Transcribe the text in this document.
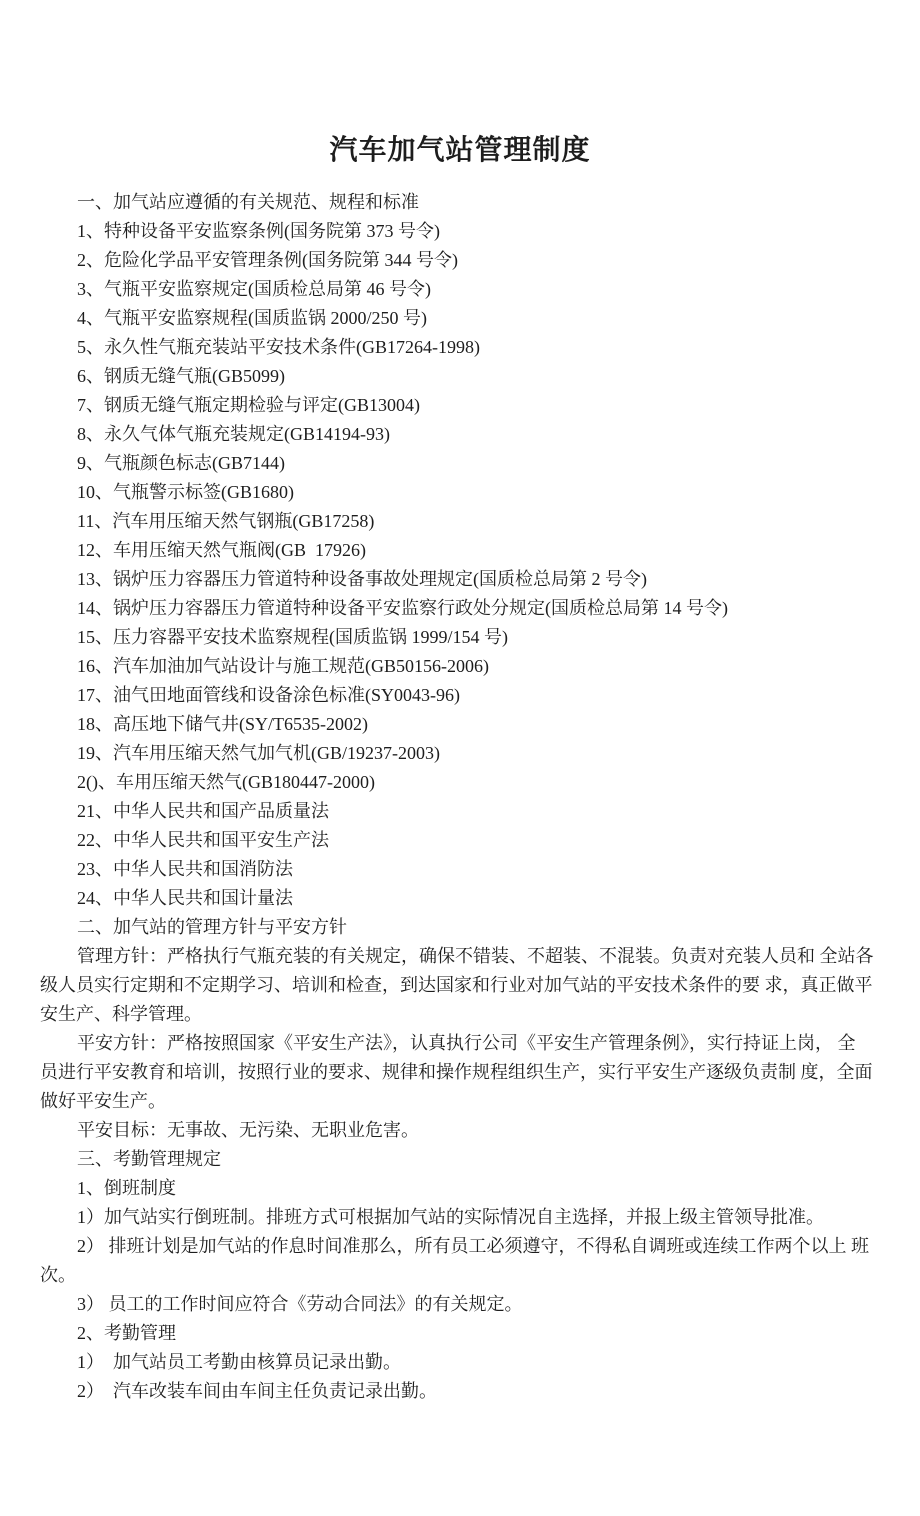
汽车加气站管理制度
一、加气站应遵循的有关规范、规程和标准
1、特种设备平安监察条例(国务院第 373 号令)
2、危险化学品平安管理条例(国务院第 344 号令)
3、气瓶平安监察规定(国质检总局第 46 号令)
4、气瓶平安监察规程(国质监锅 2000/250 号)
5、永久性气瓶充装站平安技术条件(GB17264-1998)
6、钢质无缝气瓶(GB5099)
7、钢质无缝气瓶定期检验与评定(GB13004)
8、永久气体气瓶充装规定(GB14194-93)
9、气瓶颜色标志(GB7144)
10、气瓶警示标签(GB1680)
11、汽车用压缩天然气钢瓶(GB17258)
12、车用压缩天然气瓶阀(GB  17926)
13、锅炉压力容器压力管道特种设备事故处理规定(国质检总局第 2 号令)
14、锅炉压力容器压力管道特种设备平安监察行政处分规定(国质检总局第 14 号令)
15、压力容器平安技术监察规程(国质监锅 1999/154 号)
16、汽车加油加气站设计与施工规范(GB50156-2006)
17、油气田地面管线和设备涂色标准(SY0043-96)
18、高压地下储气井(SY/T6535-2002)
19、汽车用压缩天然气加气机(GB/19237-2003)
2()、车用压缩天然气(GB180447-2000)
21、中华人民共和国产品质量法
22、中华人民共和国平安生产法
23、中华人民共和国消防法
24、中华人民共和国计量法
二、加气站的管理方针与平安方针
管理方针：严格执行气瓶充装的有关规定，确保不错装、不超装、不混装。负责对充装人员和 全站各
级人员实行定期和不定期学习、培训和检查，到达国家和行业对加气站的平安技术条件的要 求，真正做平
安生产、科学管理。
平安方针：严格按照国家《平安生产法》，认真执行公司《平安生产管理条例》，实行持证上岗， 全
员进行平安教育和培训，按照行业的要求、规律和操作规程组织生产，实行平安生产逐级负责制 度，全面
做好平安生产。
平安目标：无事故、无污染、无职业危害。
三、考勤管理规定
1、倒班制度
1）加气站实行倒班制。排班方式可根据加气站的实际情况自主选择，并报上级主管领导批准。
2） 排班计划是加气站的作息时间准那么，所有员工必须遵守，不得私自调班或连续工作两个以上 班
次。
3） 员工的工作时间应符合《劳动合同法》的有关规定。
2、考勤管理
1）  加气站员工考勤由核算员记录出勤。
2）  汽车改装车间由车间主任负责记录出勤。
